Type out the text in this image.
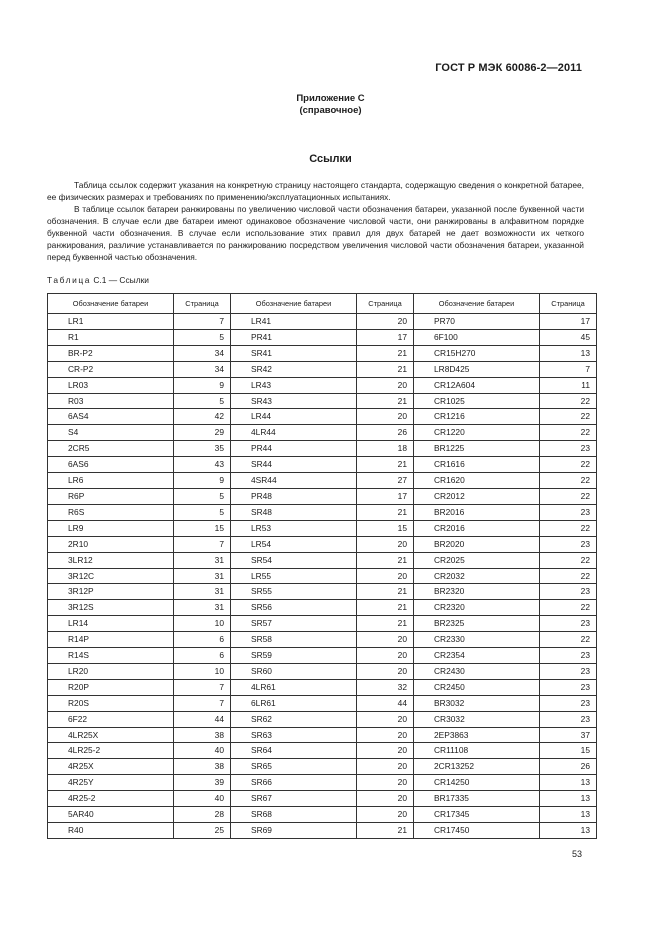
ГОСТ Р МЭК 60086-2—2011
Приложение С
(справочное)
Ссылки
Таблица ссылок содержит указания на конкретную страницу настоящего стандарта, содержащую сведения о конкретной батарее, ее физических размерах и требованиях по применению/эксплуатационных испытаниях.
В таблице ссылок батареи ранжированы по увеличению числовой части обозначения батареи, указанной после буквенной части обозначения. В случае если две батареи имеют одинаковое обозначение числовой части, они ранжированы в алфавитном порядке буквенной части обозначения. В случае если использование этих правил для двух батарей не дает возможности их четкого ранжирования, различие устанавливается по ранжированию посредством увеличения числовой части обозначения батареи, указанной перед буквенной частью обозначения.
Таблица С.1 — Ссылки
Обозначение батареи	Страница	Обозначение батареи	Страница	Обозначение батареи	Страница
LR1	7	LR41	20	PR70	17
R1	5	PR41	17	6F100	45
BR-P2	34	SR41	21	CR15H270	13
CR-P2	34	SR42	21	LR8D425	7
LR03	9	LR43	20	CR12A604	11
R03	5	SR43	21	CR1025	22
6AS4	42	LR44	20	CR1216	22
S4	29	4LR44	26	CR1220	22
2CR5	35	PR44	18	BR1225	23
6AS6	43	SR44	21	CR1616	22
LR6	9	4SR44	27	CR1620	22
R6P	5	PR48	17	CR2012	22
R6S	5	SR48	21	BR2016	23
LR9	15	LR53	15	CR2016	22
2R10	7	LR54	20	BR2020	23
3LR12	31	SR54	21	CR2025	22
3R12C	31	LR55	20	CR2032	22
3R12P	31	SR55	21	BR2320	23
3R12S	31	SR56	21	CR2320	22
LR14	10	SR57	21	BR2325	23
R14P	6	SR58	20	CR2330	22
R14S	6	SR59	20	CR2354	23
LR20	10	SR60	20	CR2430	23
R20P	7	4LR61	32	CR2450	23
R20S	7	6LR61	44	BR3032	23
6F22	44	SR62	20	CR3032	23
4LR25X	38	SR63	20	2EP3863	37
4LR25-2	40	SR64	20	CR11108	15
4R25X	38	SR65	20	2CR13252	26
4R25Y	39	SR66	20	CR14250	13
4R25-2	40	SR67	20	BR17335	13
5AR40	28	SR68	20	CR17345	13
R40	25	SR69	21	CR17450	13
53
